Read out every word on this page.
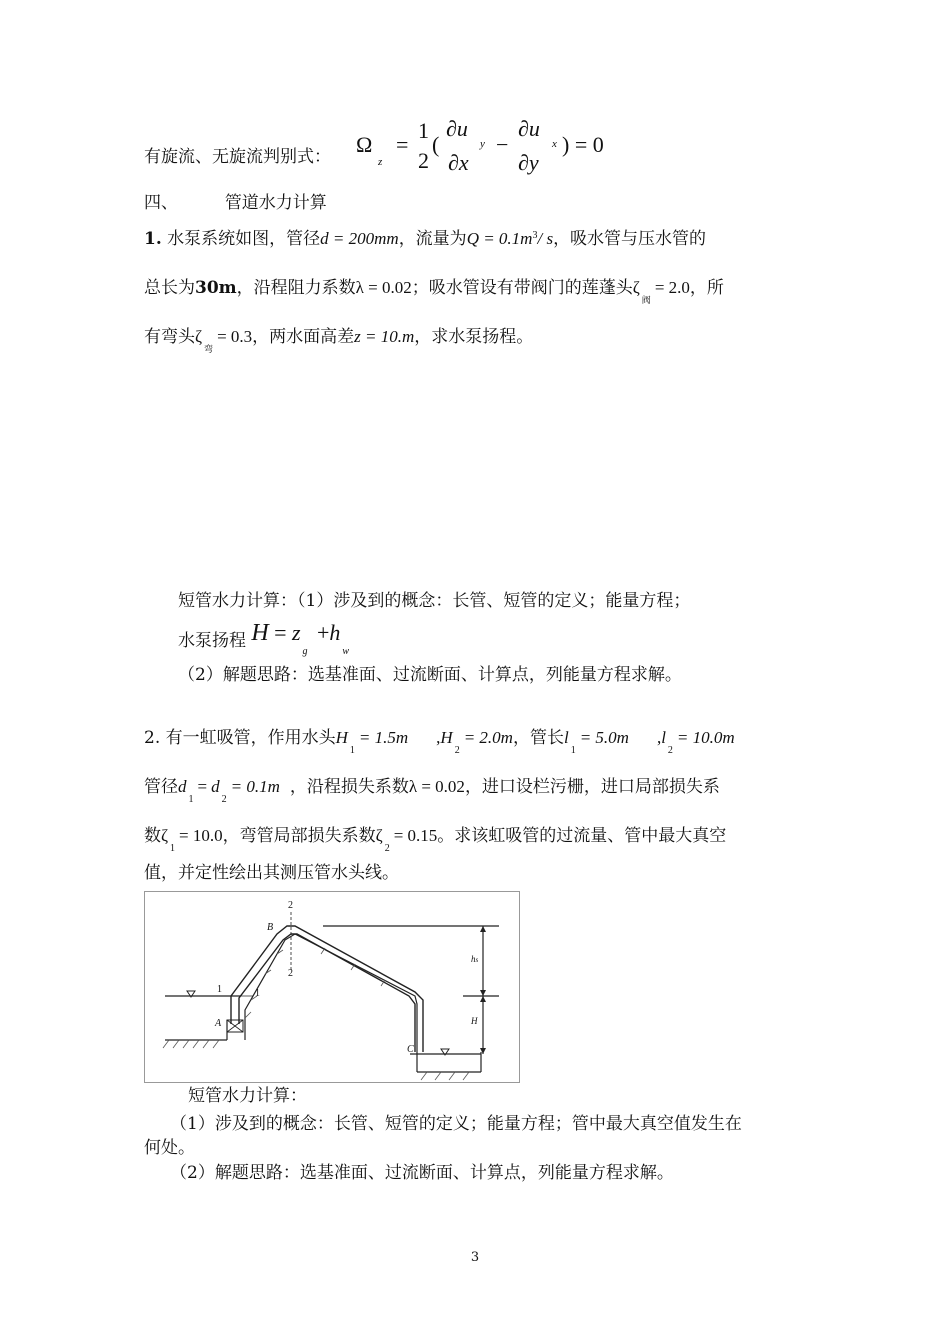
有旋流、无旋流判别式： Ω
z
=
1
2
(
∂u
y
∂x
−
∂u
x
∂y
) = 0
四、	管道水力计算
1. 水泵系统如图，管径d = 200mm，流量为$Q = 0.1m^3/$ s，吸水管与压水管的
总长为30m，沿程阻力系数λ = 0.02；吸水管设有带阀门的莲蓬头$\zeta_阀= 2.0$，所
有弯头$\zeta_弯= 0.3$，两水面高差z = 10.m，求水泵扬程。
短管水力计算：（1）涉及到的概念：长管、短管的定义；能量方程；
水泵扬程 $H = z_g +h_w$
（2）解题思路：选基准面、过流断面、计算点，列能量方程求解。
2. 有一虹吸管，作用水头$H_1= 1.5m$ $,H_2= 2.0m$，管长$l_1= 5.0m$ $,l_2= 10.0m$
管径$d_1= d_2= 0.1m$ ，沿程损失系数λ = 0.02，进口设栏污栅，进口局部损失系
数$\zeta_1= 10.0$，弯管局部损失系数$\zeta_2= 0.15$。求该虹吸管的过流量、管中最大真空
值，并定性绘出其测压管水头线。
B
A
C
1	1
2
2
hs
H
短管水力计算：
（1）涉及到的概念：长管、短管的定义；能量方程；管中最大真空值发生在
何处。
（2）解题思路：选基准面、过流断面、计算点，列能量方程求解。
3
